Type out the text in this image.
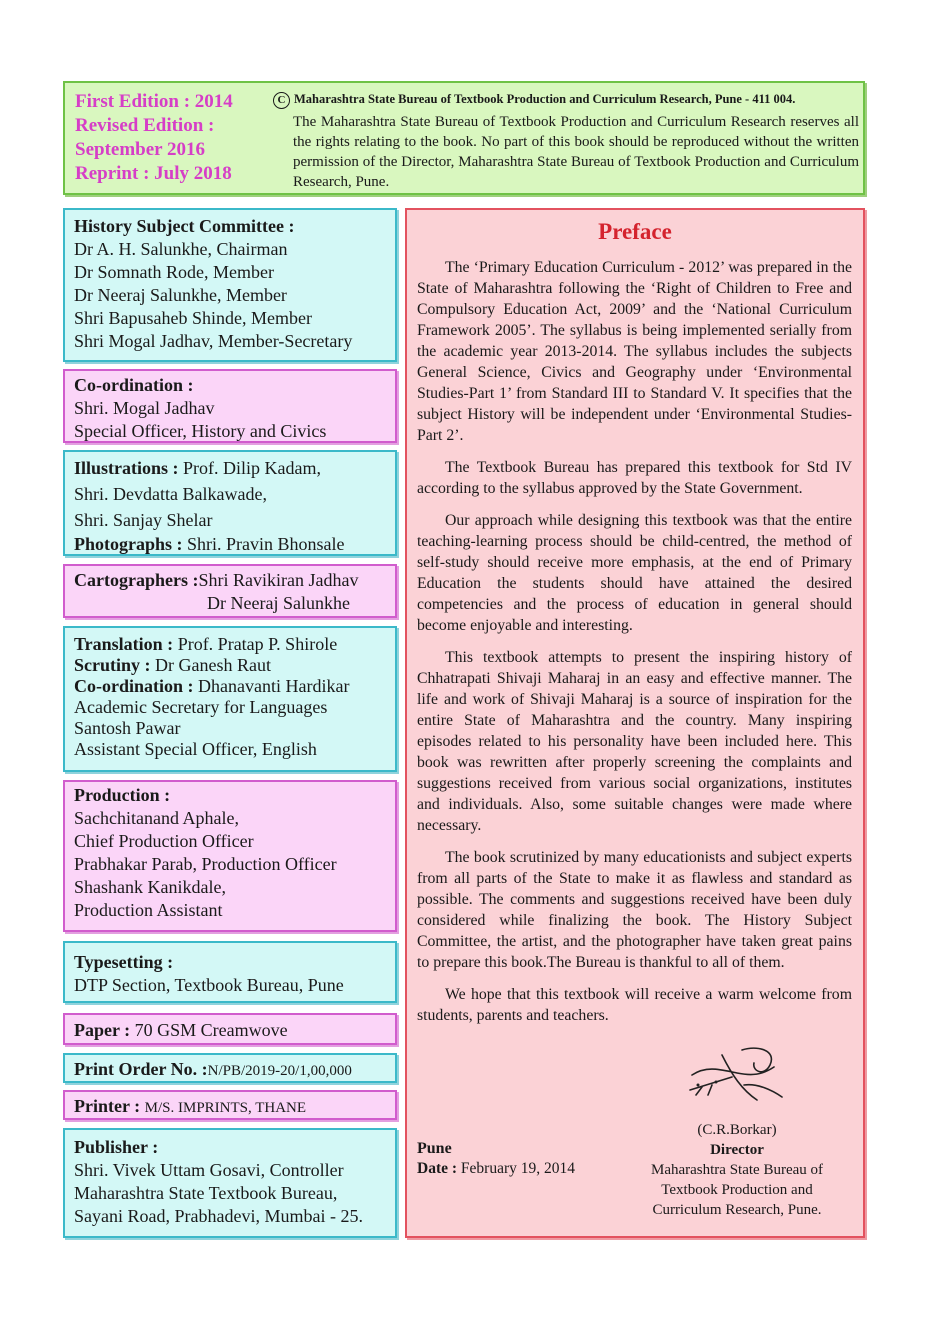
First Edition : 2014
Revised Edition :
September 2016
Reprint : July 2018
C Maharashtra State Bureau of Textbook Production and Curriculum Research, Pune - 411 004.
The Maharashtra State Bureau of Textbook Production and Curriculum Research reserves all the rights relating to the book. No part of this book should be reproduced without the written permission of the Director, Maharashtra State Bureau of Textbook Production and Curriculum Research, Pune.
History Subject Committee :
Dr A. H. Salunkhe, Chairman
Dr Somnath Rode, Member
Dr Neeraj Salunkhe, Member
Shri Bapusaheb Shinde, Member
Shri Mogal Jadhav, Member-Secretary
Co-ordination :
Shri. Mogal Jadhav
Special Officer, History and Civics
Illustrations : Prof. Dilip Kadam,
Shri. Devdatta Balkawade,
Shri. Sanjay Shelar
Photographs : Shri. Pravin Bhonsale
Cartographers :Shri Ravikiran Jadhav
Dr Neeraj Salunkhe
Translation : Prof. Pratap P. Shirole
Scrutiny : Dr Ganesh Raut
Co-ordination : Dhanavanti Hardikar
Academic Secretary for Languages
Santosh Pawar
Assistant Special Officer, English
Production :
Sachchitanand Aphale,
Chief Production Officer
Prabhakar Parab, Production Officer
Shashank Kanikdale,
Production Assistant
Typesetting :
DTP Section, Textbook Bureau, Pune
Paper : 70 GSM Creamwove
Print Order No. :N/PB/2019-20/1,00,000
Printer : M/S. IMPRINTS, THANE
Publisher :
Shri. Vivek Uttam Gosavi, Controller
Maharashtra State Textbook Bureau,
Sayani Road, Prabhadevi, Mumbai - 25.
Preface

The ‘Primary Education Curriculum - 2012’ was prepared in the State of Maharashtra following the ‘Right of Children to Free and Compulsory Education Act, 2009’ and the ‘National Curriculum Framework 2005’. The syllabus is being implemented serially from the academic year 2013-2014. The syllabus includes the subjects General Science, Civics and Geography under ‘Environmental Studies-Part 1’ from Standard III to Standard V. It specifies that the subject History will be independent under ‘Environmental Studies-Part 2’.

The Textbook Bureau has prepared this textbook for Std IV according to the syllabus approved by the State Government.

Our approach while designing this textbook was that the entire teaching-learning process should be child-centred, the method of self-study should receive more emphasis, at the end of Primary Education the students should have attained the desired competencies and the process of education in general should become enjoyable and interesting.

This textbook attempts to present the inspiring history of Chhatrapati Shivaji Maharaj in an easy and effective manner. The life and work of Shivaji Maharaj is a source of inspiration for the entire State of Maharashtra and the country. Many inspiring episodes related to his personality have been included here. This book was rewritten after properly screening the complaints and suggestions received from various social organizations, institutes and individuals. Also, some suitable changes were made where necessary.

The book scrutinized by many educationists and subject experts from all parts of the State to make it as flawless and standard as possible. The comments and suggestions received have been duly considered while finalizing the book. The History Subject Committee, the artist, and the photographer have taken great pains to prepare this book.The Bureau is thankful to all of them.

We hope that this textbook will receive a warm welcome from students, parents and teachers.

(C.R.Borkar)
Director
Maharashtra State Bureau of
Textbook Production and
Curriculum Research, Pune.
Pune
Date : February 19, 2014
